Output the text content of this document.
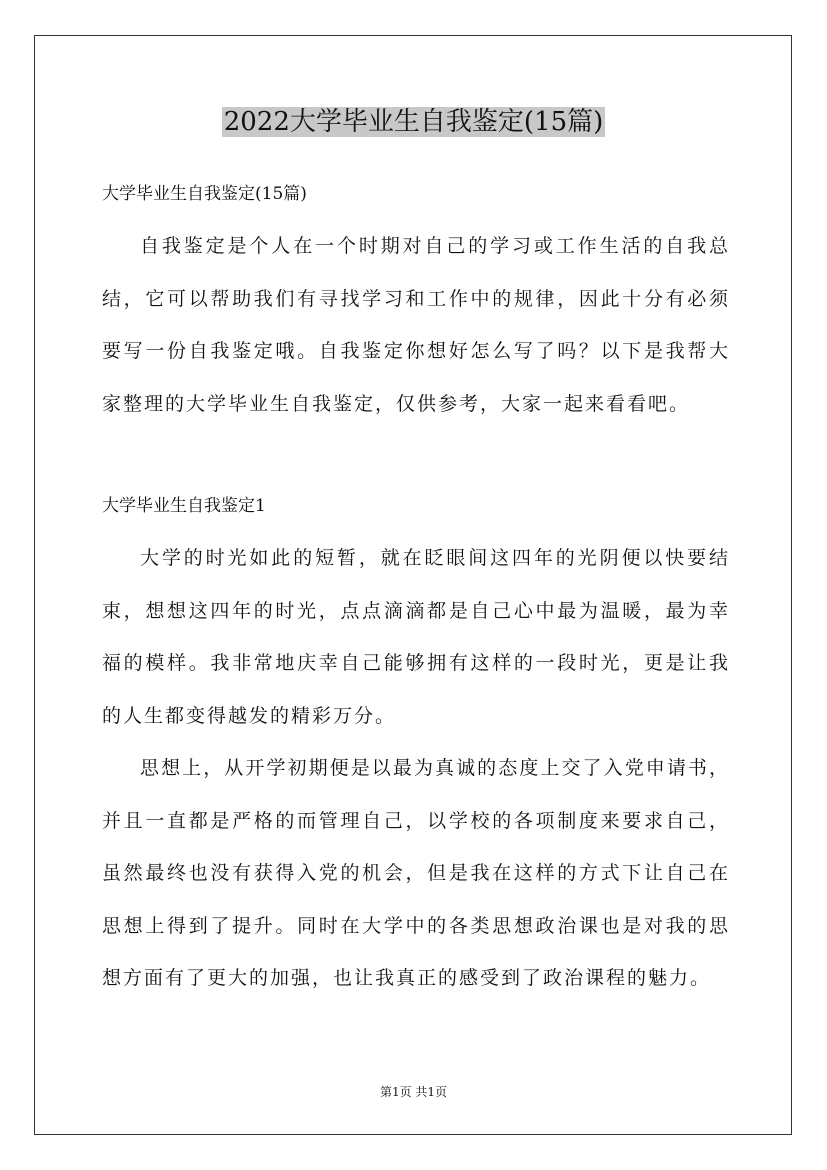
2022大学毕业生自我鉴定(15篇)

大学毕业生自我鉴定(15篇)

自我鉴定是个人在一个时期对自己的学习或工作生活的自我总结，它可以帮助我们有寻找学习和工作中的规律，因此十分有必须要写一份自我鉴定哦。自我鉴定你想好怎么写了吗？以下是我帮大家整理的大学毕业生自我鉴定，仅供参考，大家一起来看看吧。

大学毕业生自我鉴定1

大学的时光如此的短暂，就在眨眼间这四年的光阴便以快要结束，想想这四年的时光，点点滴滴都是自己心中最为温暖，最为幸福的模样。我非常地庆幸自己能够拥有这样的一段时光，更是让我的人生都变得越发的精彩万分。

思想上，从开学初期便是以最为真诚的态度上交了入党申请书，并且一直都是严格的而管理自己，以学校的各项制度来要求自己，虽然最终也没有获得入党的机会，但是我在这样的方式下让自己在思想上得到了提升。同时在大学中的各类思想政治课也是对我的思想方面有了更大的加强，也让我真正的感受到了政治课程的魅力。

第1页 共1页
